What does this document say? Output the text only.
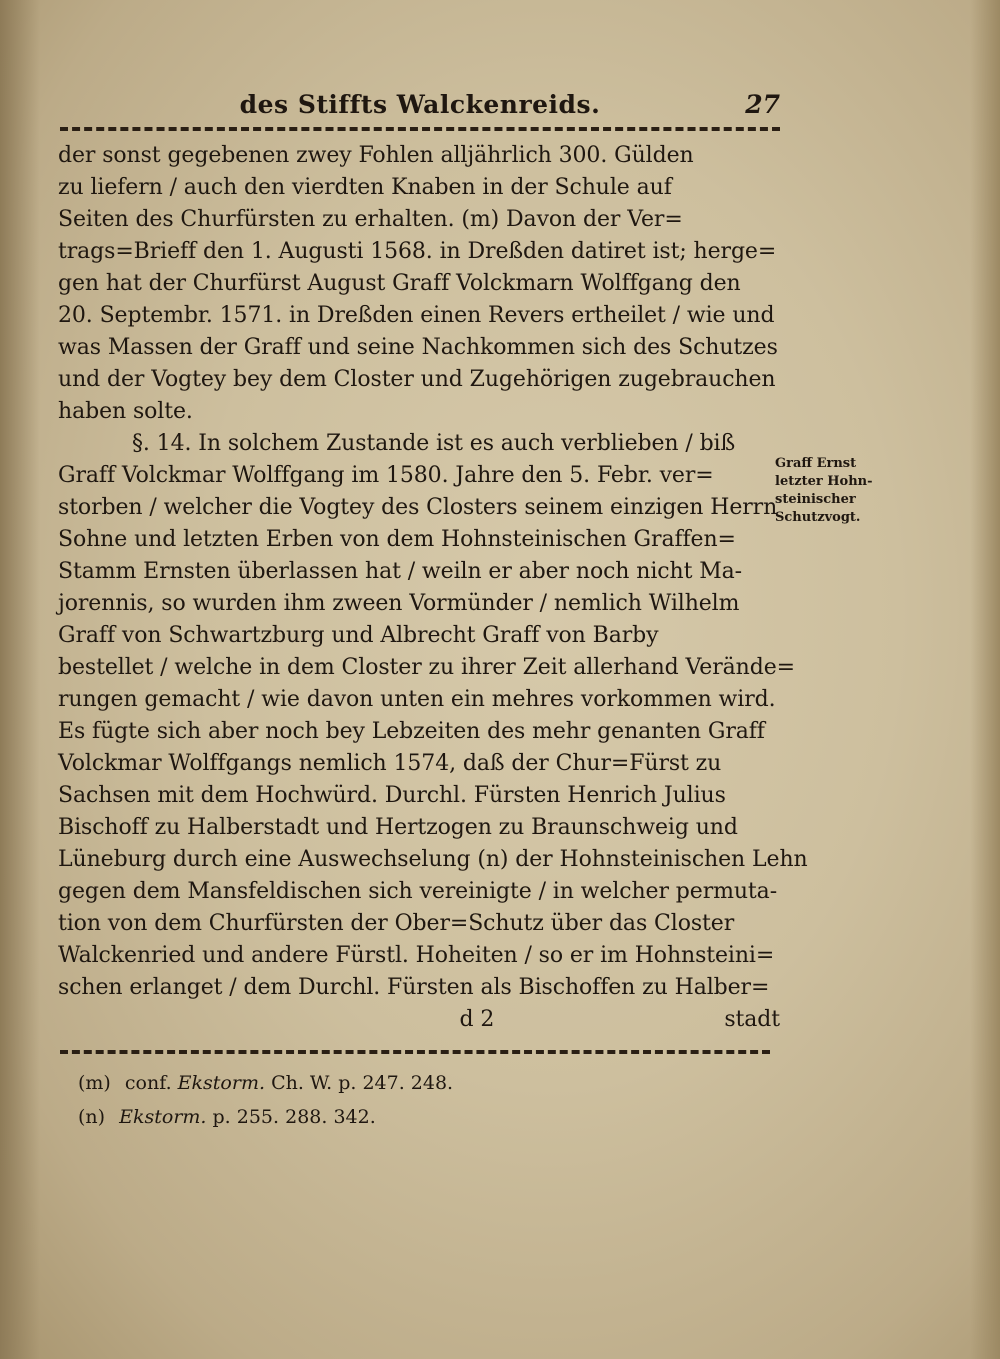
des Stiffts Walckenreids.	27
der sonst gegebenen zwey Fohlen alljährlich 300. Gülden
zu liefern / auch den vierdten Knaben in der Schule auf
Seiten des Churfürsten zu erhalten. (m) Davon der Ver=
trags=Brieff den 1. Augusti 1568. in Dreßden datiret ist; herge=
gen hat der Churfürst August Graff Volckmarn Wolffgang den
20. Septembr. 1571. in Dreßden einen Revers ertheilet / wie und
was Massen der Graff und seine Nachkommen sich des Schutzes
und der Vogtey bey dem Closter und Zugehörigen zugebrauchen
haben solte.
§. 14. In solchem Zustande ist es auch verblieben / biß
Graff Volckmar Wolffgang im 1580. Jahre den 5. Febr. ver=
storben / welcher die Vogtey des Closters seinem einzigen Herrn
Sohne und letzten Erben von dem Hohnsteinischen Graffen=
Stamm Ernsten überlassen hat / weiln er aber noch nicht Ma-
jorennis, so wurden ihm zween Vormünder / nemlich Wilhelm
Graff von Schwartzburg und Albrecht Graff von Barby
bestellet / welche in dem Closter zu ihrer Zeit allerhand Verände=
rungen gemacht / wie davon unten ein mehres vorkommen wird.
Es fügte sich aber noch bey Lebzeiten des mehr genanten Graff
Volckmar Wolffgangs nemlich 1574, daß der Chur=Fürst zu
Sachsen mit dem Hochwürd. Durchl. Fürsten Henrich Julius
Bischoff zu Halberstadt und Hertzogen zu Braunschweig und
Lüneburg durch eine Auswechselung (n) der Hohnsteinischen Lehn
gegen dem Mansfeldischen sich vereinigte / in welcher permuta-
tion von dem Churfürsten der Ober=Schutz über das Closter
Walckenried und andere Fürstl. Hoheiten / so er im Hohnsteini=
schen erlanget / dem Durchl. Fürsten als Bischoffen zu Halber=
d 2	stadt
Graff Ernst
letzter Hohn-
steinischer
Schutzvogt.
(m) conf. Ekstorm. Ch. W. p. 247. 248.
(n) Ekstorm. p. 255. 288. 342.
